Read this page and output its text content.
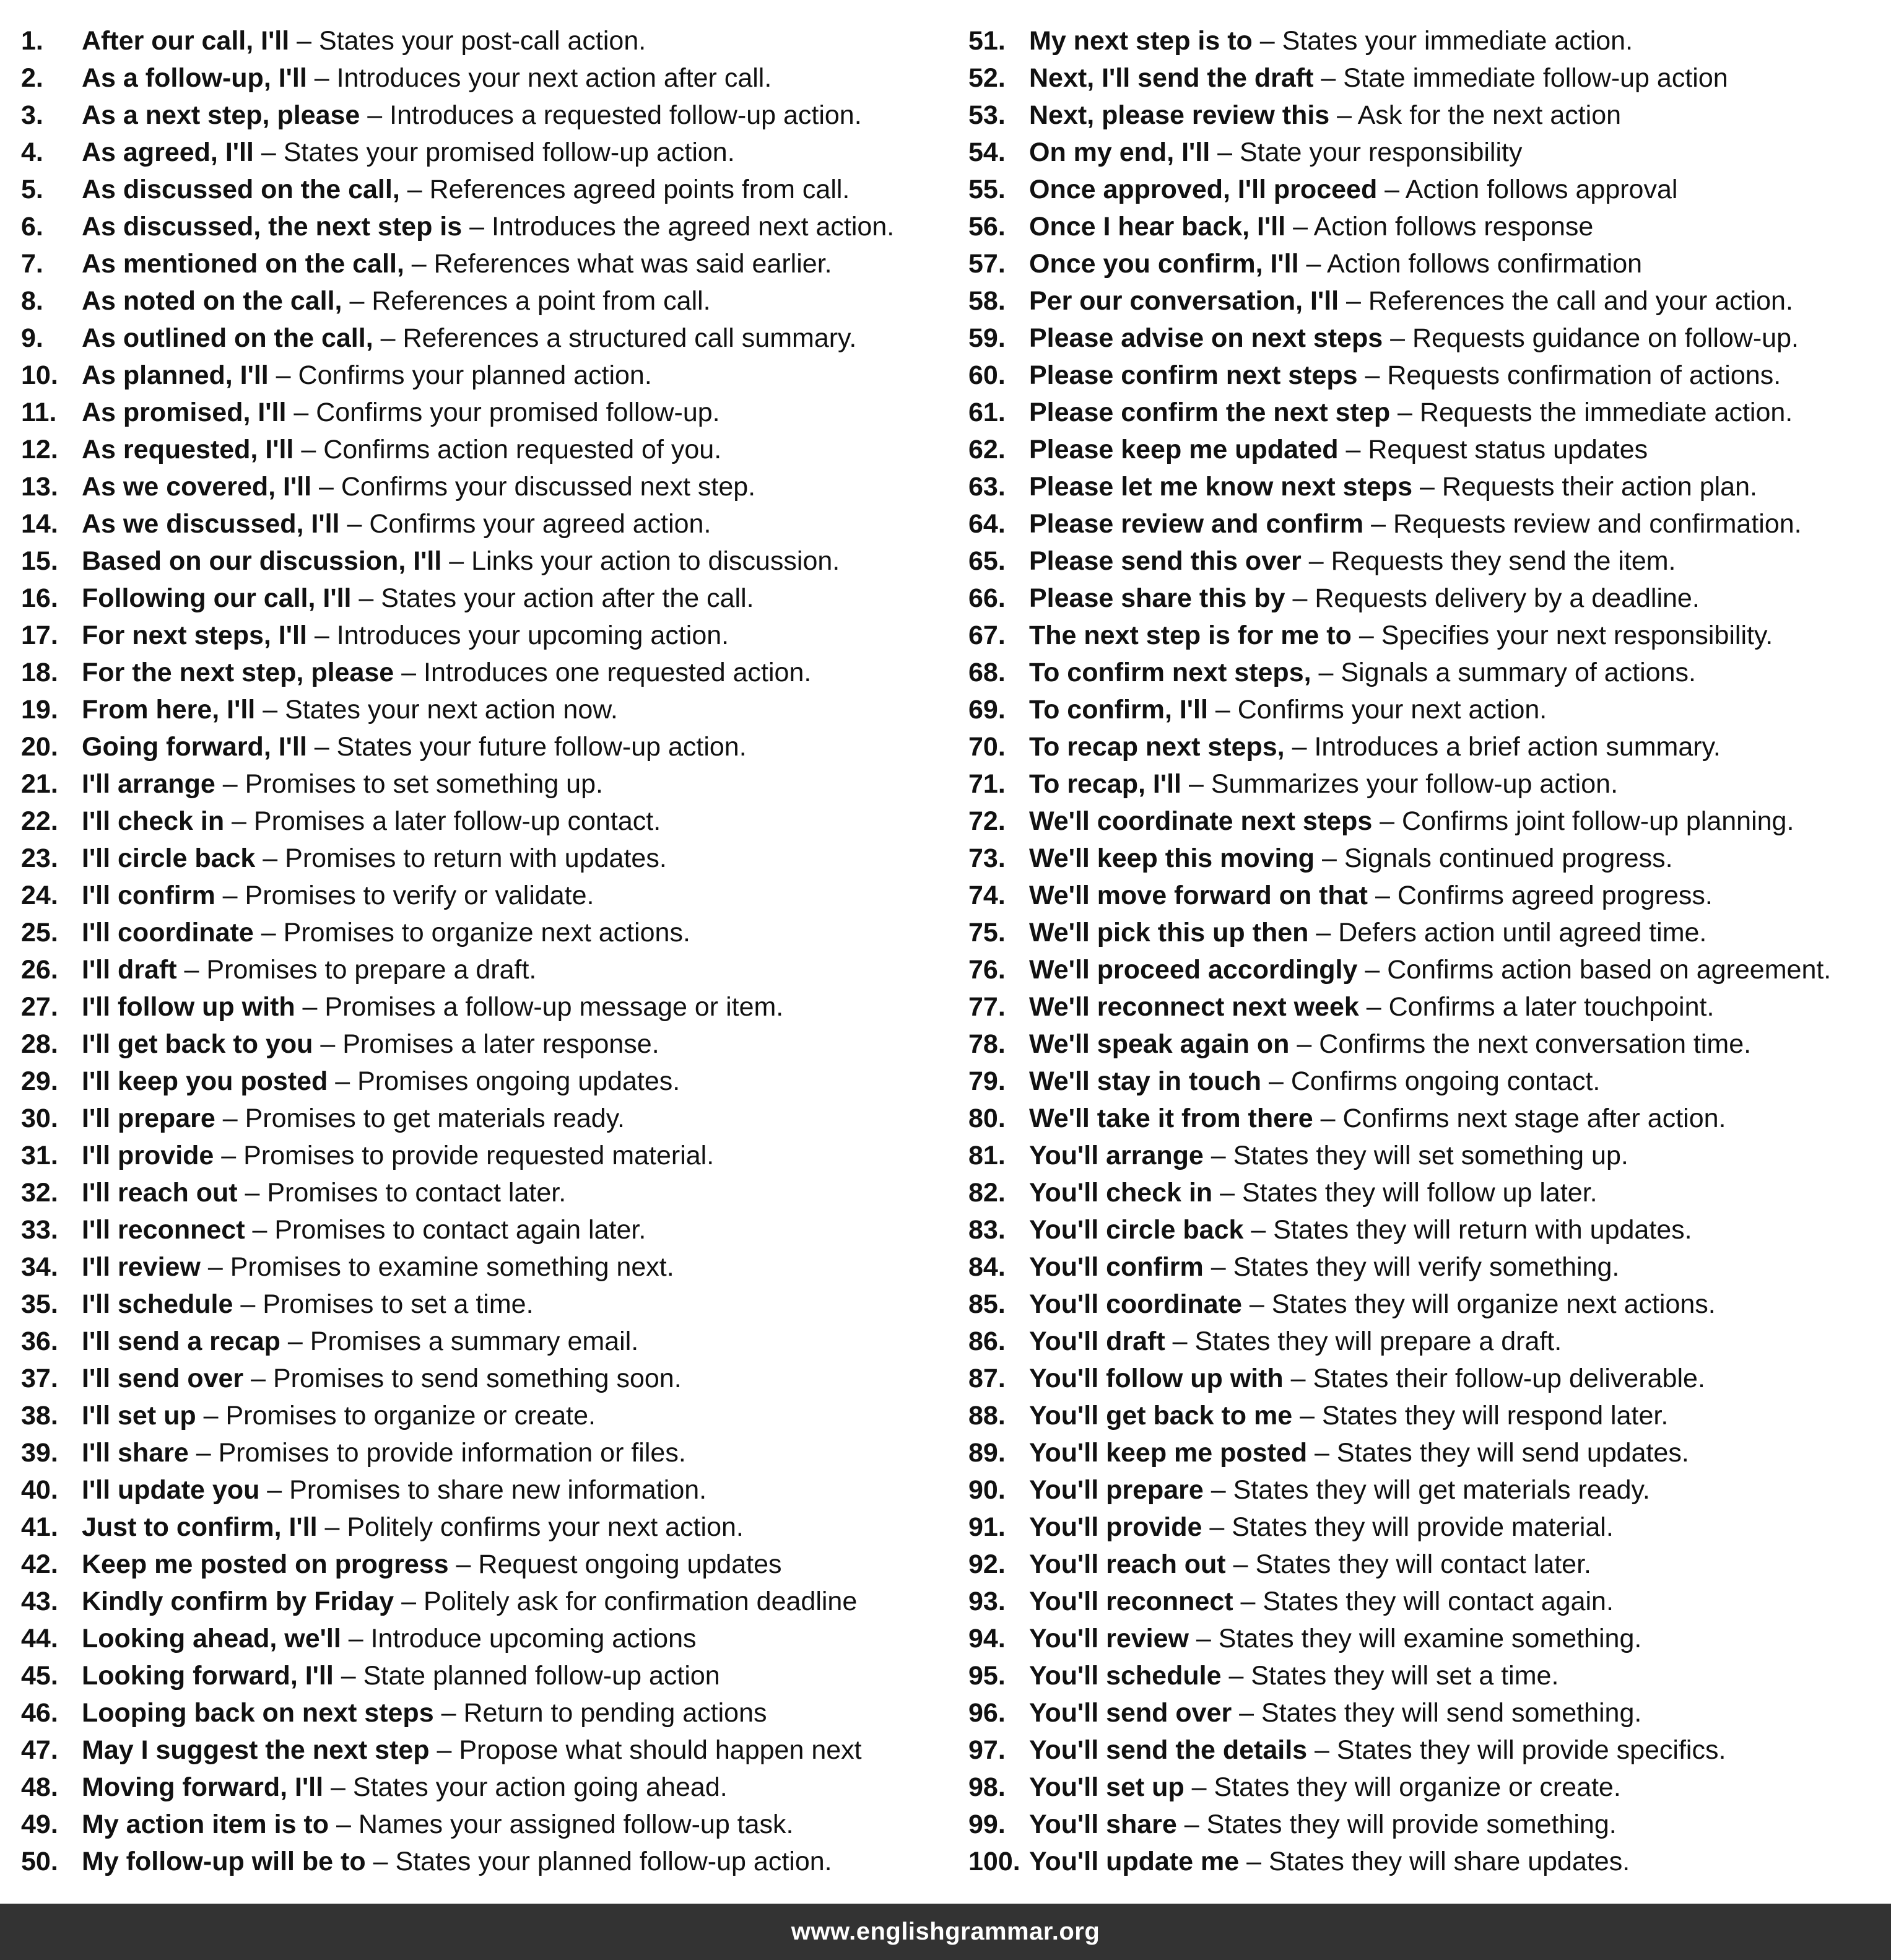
1. After our call, I'll – States your post-call action.
2. As a follow-up, I'll – Introduces your next action after call.
3. As a next step, please – Introduces a requested follow-up action.
4. As agreed, I'll – States your promised follow-up action.
5. As discussed on the call, – References agreed points from call.
6. As discussed, the next step is – Introduces the agreed next action.
7. As mentioned on the call, – References what was said earlier.
8. As noted on the call, – References a point from call.
9. As outlined on the call, – References a structured call summary.
10. As planned, I'll – Confirms your planned action.
11. As promised, I'll – Confirms your promised follow-up.
12. As requested, I'll – Confirms action requested of you.
13. As we covered, I'll – Confirms your discussed next step.
14. As we discussed, I'll – Confirms your agreed action.
15. Based on our discussion, I'll – Links your action to discussion.
16. Following our call, I'll – States your action after the call.
17. For next steps, I'll – Introduces your upcoming action.
18. For the next step, please – Introduces one requested action.
19. From here, I'll – States your next action now.
20. Going forward, I'll – States your future follow-up action.
21. I'll arrange – Promises to set something up.
22. I'll check in – Promises a later follow-up contact.
23. I'll circle back – Promises to return with updates.
24. I'll confirm – Promises to verify or validate.
25. I'll coordinate – Promises to organize next actions.
26. I'll draft – Promises to prepare a draft.
27. I'll follow up with – Promises a follow-up message or item.
28. I'll get back to you – Promises a later response.
29. I'll keep you posted – Promises ongoing updates.
30. I'll prepare – Promises to get materials ready.
31. I'll provide – Promises to provide requested material.
32. I'll reach out – Promises to contact later.
33. I'll reconnect – Promises to contact again later.
34. I'll review – Promises to examine something next.
35. I'll schedule – Promises to set a time.
36. I'll send a recap – Promises a summary email.
37. I'll send over – Promises to send something soon.
38. I'll set up – Promises to organize or create.
39. I'll share – Promises to provide information or files.
40. I'll update you – Promises to share new information.
41. Just to confirm, I'll – Politely confirms your next action.
42. Keep me posted on progress – Request ongoing updates
43. Kindly confirm by Friday – Politely ask for confirmation deadline
44. Looking ahead, we'll – Introduce upcoming actions
45. Looking forward, I'll – State planned follow-up action
46. Looping back on next steps – Return to pending actions
47. May I suggest the next step – Propose what should happen next
48. Moving forward, I'll – States your action going ahead.
49. My action item is to – Names your assigned follow-up task.
50. My follow-up will be to – States your planned follow-up action.
51. My next step is to – States your immediate action.
52. Next, I'll send the draft – State immediate follow-up action
53. Next, please review this – Ask for the next action
54. On my end, I'll – State your responsibility
55. Once approved, I'll proceed – Action follows approval
56. Once I hear back, I'll – Action follows response
57. Once you confirm, I'll – Action follows confirmation
58. Per our conversation, I'll – References the call and your action.
59. Please advise on next steps – Requests guidance on follow-up.
60. Please confirm next steps – Requests confirmation of actions.
61. Please confirm the next step – Requests the immediate action.
62. Please keep me updated – Request status updates
63. Please let me know next steps – Requests their action plan.
64. Please review and confirm – Requests review and confirmation.
65. Please send this over – Requests they send the item.
66. Please share this by – Requests delivery by a deadline.
67. The next step is for me to – Specifies your next responsibility.
68. To confirm next steps, – Signals a summary of actions.
69. To confirm, I'll – Confirms your next action.
70. To recap next steps, – Introduces a brief action summary.
71. To recap, I'll – Summarizes your follow-up action.
72. We'll coordinate next steps – Confirms joint follow-up planning.
73. We'll keep this moving – Signals continued progress.
74. We'll move forward on that – Confirms agreed progress.
75. We'll pick this up then – Defers action until agreed time.
76. We'll proceed accordingly – Confirms action based on agreement.
77. We'll reconnect next week – Confirms a later touchpoint.
78. We'll speak again on – Confirms the next conversation time.
79. We'll stay in touch – Confirms ongoing contact.
80. We'll take it from there – Confirms next stage after action.
81. You'll arrange – States they will set something up.
82. You'll check in – States they will follow up later.
83. You'll circle back – States they will return with updates.
84. You'll confirm – States they will verify something.
85. You'll coordinate – States they will organize next actions.
86. You'll draft – States they will prepare a draft.
87. You'll follow up with – States their follow-up deliverable.
88. You'll get back to me – States they will respond later.
89. You'll keep me posted – States they will send updates.
90. You'll prepare – States they will get materials ready.
91. You'll provide – States they will provide material.
92. You'll reach out – States they will contact later.
93. You'll reconnect – States they will contact again.
94. You'll review – States they will examine something.
95. You'll schedule – States they will set a time.
96. You'll send over – States they will send something.
97. You'll send the details – States they will provide specifics.
98. You'll set up – States they will organize or create.
99. You'll share – States they will provide something.
100. You'll update me – States they will share updates.
www.englishgrammar.org
